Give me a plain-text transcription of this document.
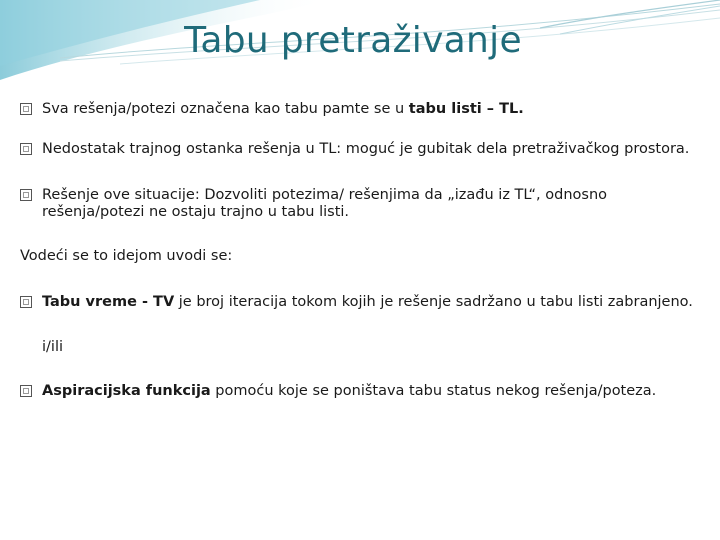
Tabu pretraživanje

Sva rešenja/potezi označena kao tabu pamte se u tabu listi – TL.

Nedostatak trajnog ostanka rešenja u TL: moguć je gubitak dela pretraživačkog prostora.

Rešenje ove situacije: Dozvoliti potezima/ rešenjima da „izađu iz TL“, odnosno rešenja/potezi ne ostaju trajno u tabu listi.

Vodeći se to idejom uvodi se:

Tabu vreme - TV je broj iteracija tokom kojih je rešenje sadržano u tabu listi zabranjeno.

i/ili

Aspiracijska funkcija pomoću koje se poništava tabu status nekog rešenja/poteza.
